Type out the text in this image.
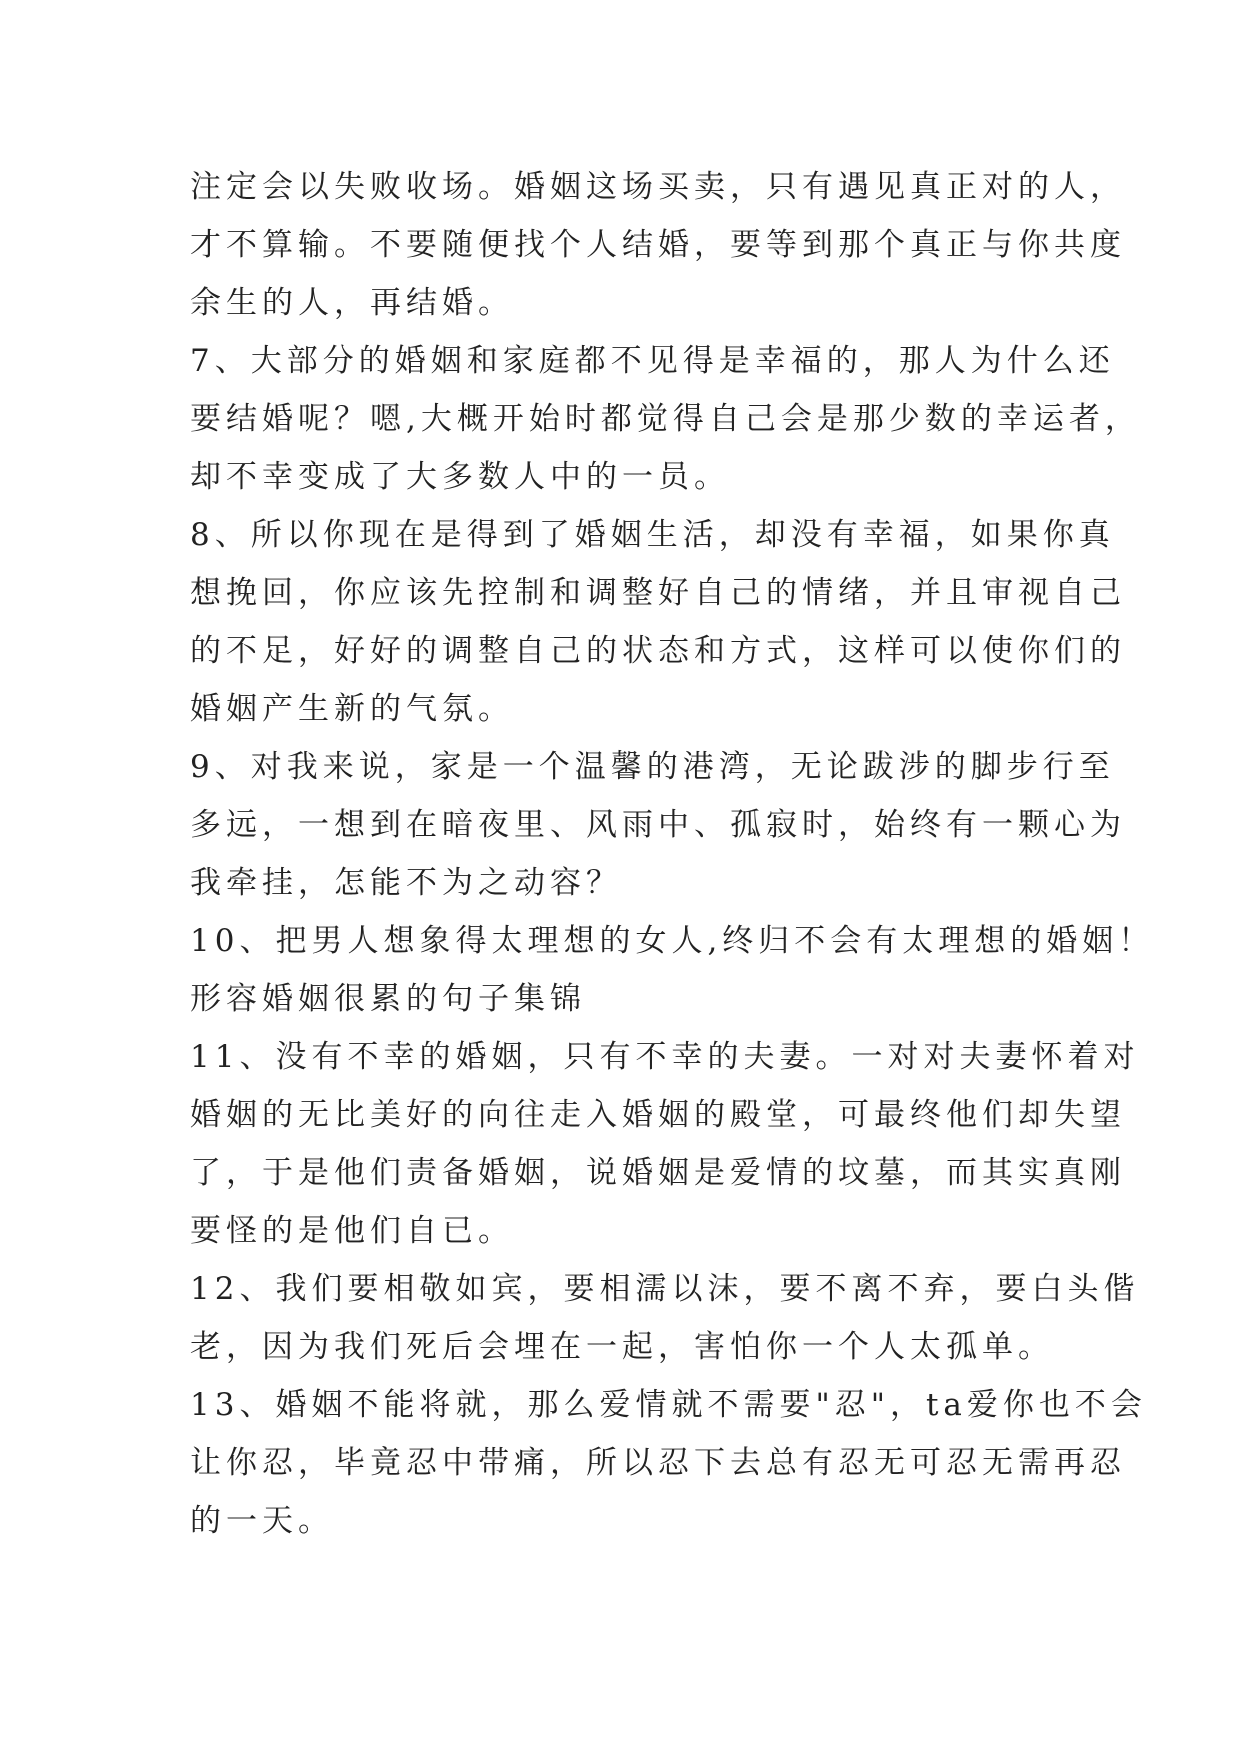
注定会以失败收场。婚姻这场买卖，只有遇见真正对的人，
才不算输。不要随便找个人结婚，要等到那个真正与你共度
余生的人，再结婚。
7、大部分的婚姻和家庭都不见得是幸福的，那人为什么还
要结婚呢？嗯,大概开始时都觉得自己会是那少数的幸运者，
却不幸变成了大多数人中的一员。
8、所以你现在是得到了婚姻生活，却没有幸福，如果你真
想挽回，你应该先控制和调整好自己的情绪，并且审视自己
的不足，好好的调整自己的状态和方式，这样可以使你们的
婚姻产生新的气氛。
9、对我来说，家是一个温馨的港湾，无论跋涉的脚步行至
多远，一想到在暗夜里、风雨中、孤寂时，始终有一颗心为
我牵挂，怎能不为之动容？
10、把男人想象得太理想的女人,终归不会有太理想的婚姻！
形容婚姻很累的句子集锦
11、没有不幸的婚姻，只有不幸的夫妻。一对对夫妻怀着对
婚姻的无比美好的向往走入婚姻的殿堂，可最终他们却失望
了，于是他们责备婚姻，说婚姻是爱情的坟墓，而其实真刚
要怪的是他们自已。
12、我们要相敬如宾，要相濡以沫，要不离不弃，要白头偕
老，因为我们死后会埋在一起，害怕你一个人太孤单。
13、婚姻不能将就，那么爱情就不需要"忍"，ta爱你也不会
让你忍，毕竟忍中带痛，所以忍下去总有忍无可忍无需再忍
的一天。
